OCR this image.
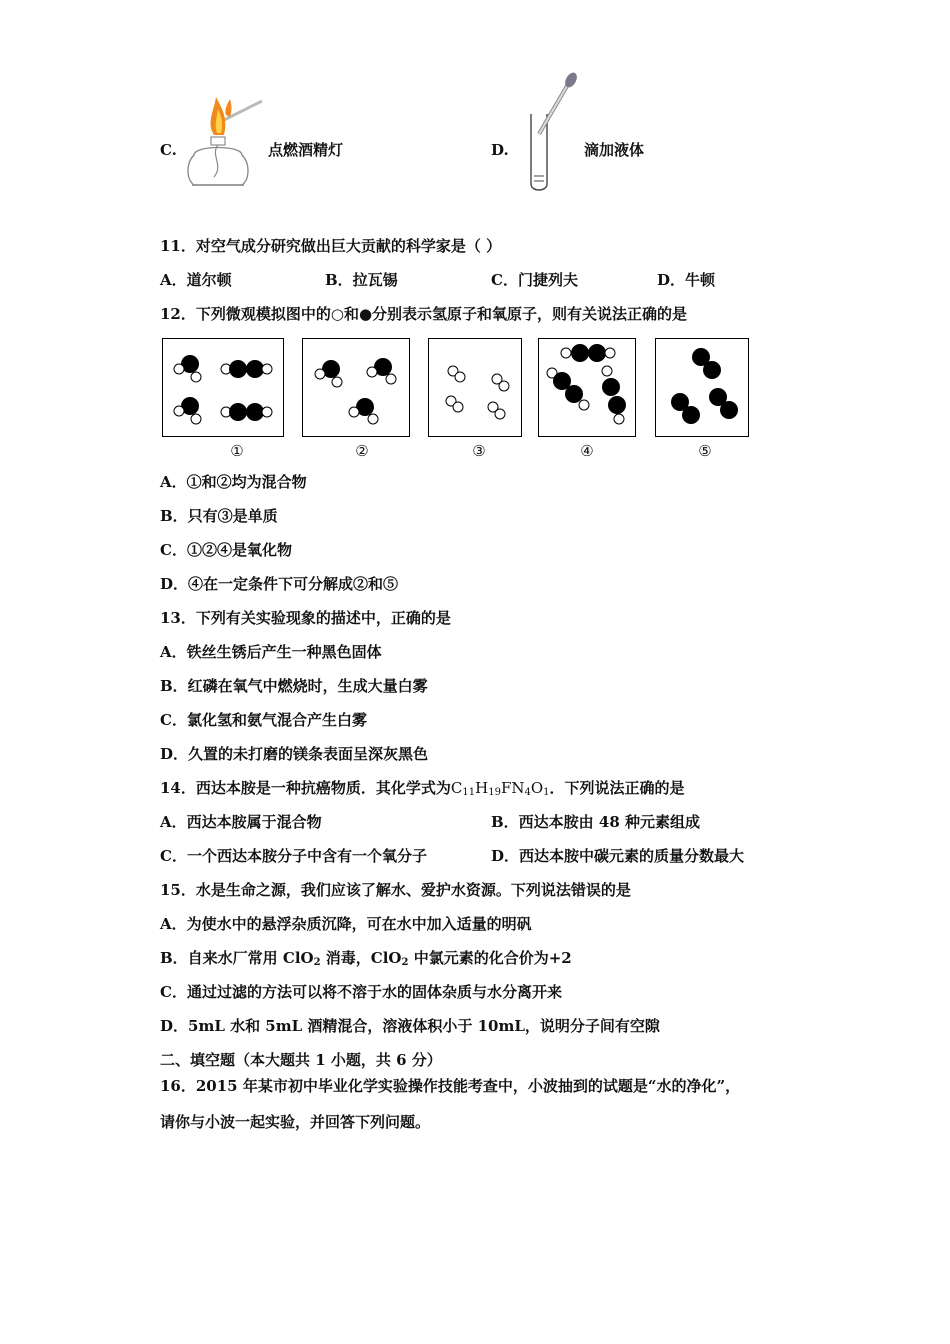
C.	点燃酒精灯	D.	滴加液体
11．对空气成分研究做出巨大贡献的科学家是（ ）
A．道尔顿	B．拉瓦锡	C．门捷列夫	D．牛顿
12．下列微观模拟图中的○和●分别表示氢原子和氧原子，则有关说法正确的是
①	②	③	④	⑤
A．①和②均为混合物
B．只有③是单质
C．①②④是氧化物
D．④在一定条件下可分解成②和⑤
13．下列有关实验现象的描述中，正确的是
A．铁丝生锈后产生一种黑色固体
B．红磷在氧气中燃烧时，生成大量白雾
C．氯化氢和氨气混合产生白雾
D．久置的未打磨的镁条表面呈深灰黑色
14．西达本胺是一种抗癌物质．其化学式为$C_{11}H_{19}FN_4O_1$．下列说法正确的是
A．西达本胺属于混合物	B．西达本胺由 48 种元素组成
C．一个西达本胺分子中含有一个氧分子	D．西达本胺中碳元素的质量分数最大
15．水是生命之源，我们应该了解水、爱护水资源。下列说法错误的是
A．为使水中的悬浮杂质沉降，可在水中加入适量的明矾
B．自来水厂常用 ClO$_2$ 消毒，ClO$_2$ 中氯元素的化合价为+2
C．通过过滤的方法可以将不溶于水的固体杂质与水分离开来
D．5mL 水和 5mL 酒精混合，溶液体积小于 10mL，说明分子间有空隙
二、填空题（本大题共 1 小题，共 6 分）
16．2015 年某市初中毕业化学实验操作技能考查中，小波抽到的试题是“水的净化”，
请你与小波一起实验，并回答下列问题。
